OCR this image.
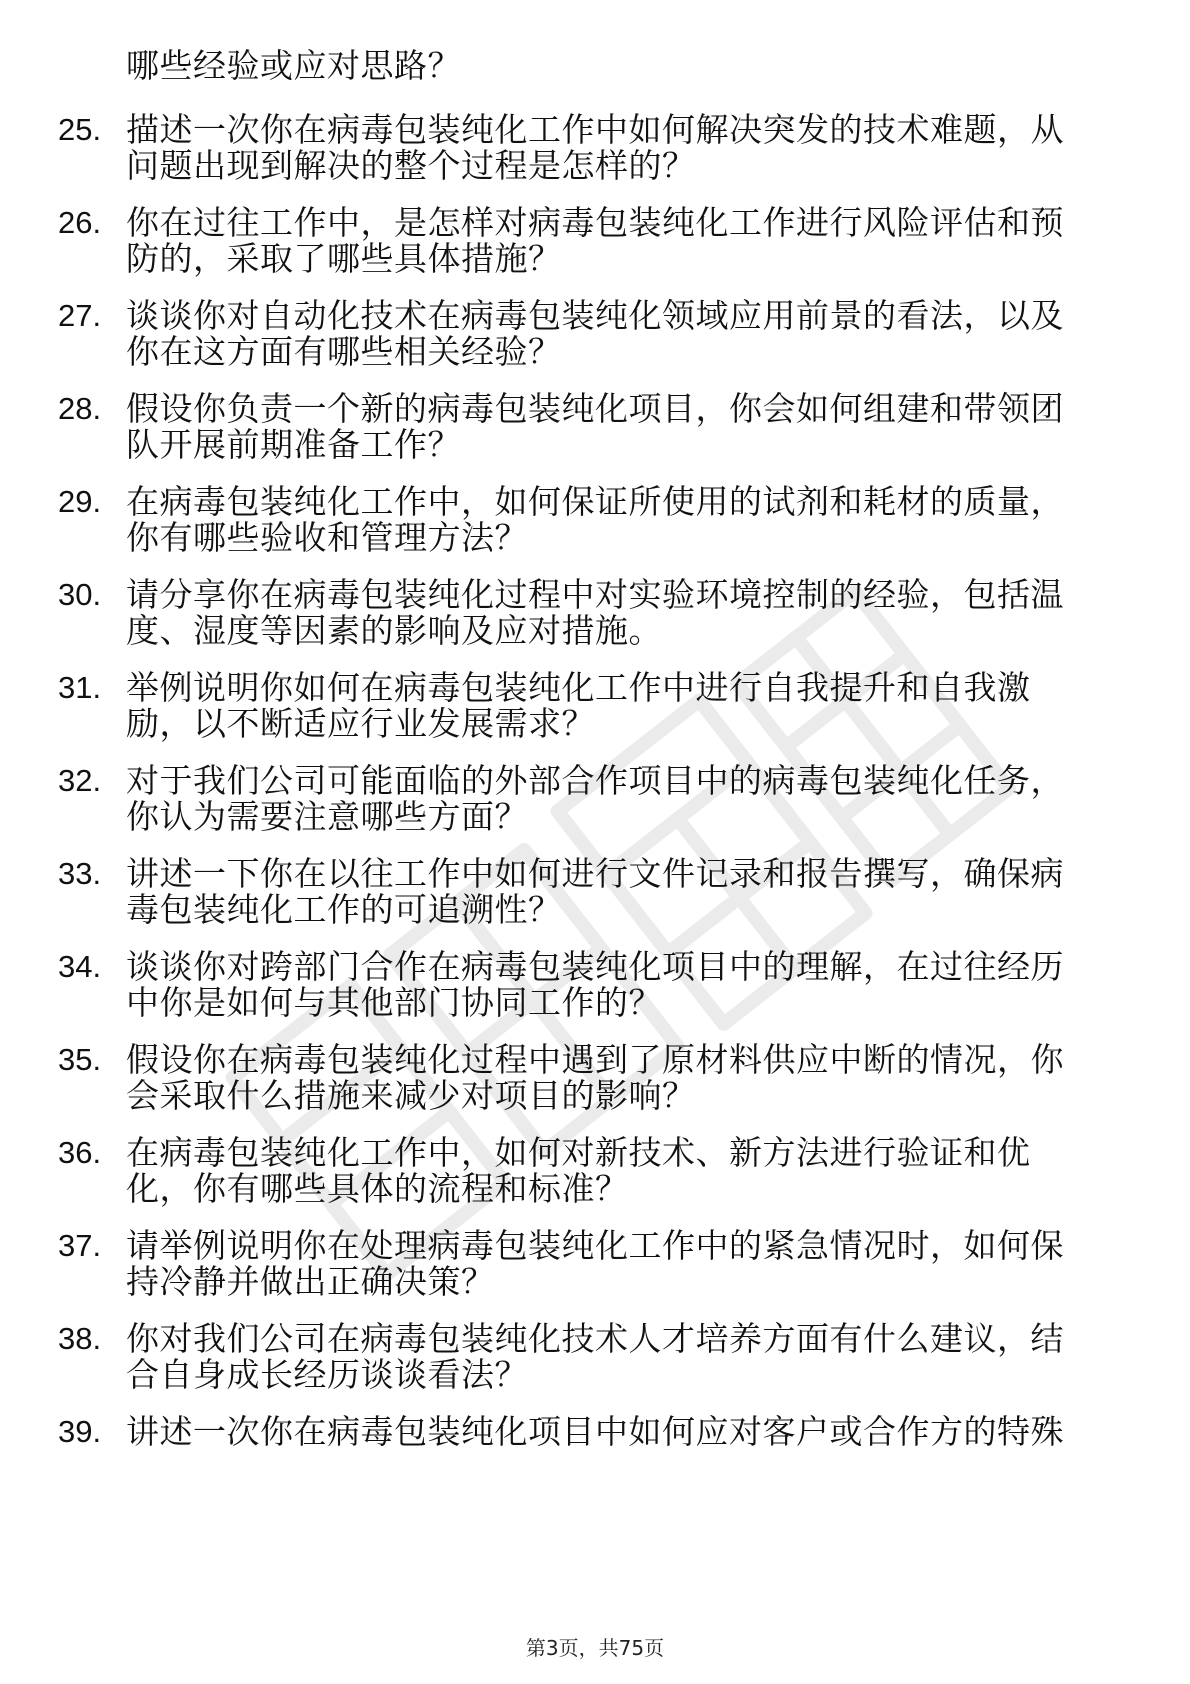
哪些经验或应对思路？
25. 描述一次你在病毒包装纯化工作中如何解决突发的技术难题，从
问题出现到解决的整个过程是怎样的？
26. 你在过往工作中，是怎样对病毒包装纯化工作进行风险评估和预
防的，采取了哪些具体措施？
27. 谈谈你对自动化技术在病毒包装纯化领域应用前景的看法，以及
你在这方面有哪些相关经验？
28. 假设你负责一个新的病毒包装纯化项目，你会如何组建和带领团
队开展前期准备工作？
29. 在病毒包装纯化工作中，如何保证所使用的试剂和耗材的质量，
你有哪些验收和管理方法？
30. 请分享你在病毒包装纯化过程中对实验环境控制的经验，包括温
度、湿度等因素的影响及应对措施。
31. 举例说明你如何在病毒包装纯化工作中进行自我提升和自我激
励，以不断适应行业发展需求？
32. 对于我们公司可能面临的外部合作项目中的病毒包装纯化任务，
你认为需要注意哪些方面？
33. 讲述一下你在以往工作中如何进行文件记录和报告撰写，确保病
毒包装纯化工作的可追溯性？
34. 谈谈你对跨部门合作在病毒包装纯化项目中的理解，在过往经历
中你是如何与其他部门协同工作的？
35. 假设你在病毒包装纯化过程中遇到了原材料供应中断的情况，你
会采取什么措施来减少对项目的影响？
36. 在病毒包装纯化工作中，如何对新技术、新方法进行验证和优
化，你有哪些具体的流程和标准？
37. 请举例说明你在处理病毒包装纯化工作中的紧急情况时，如何保
持冷静并做出正确决策？
38. 你对我们公司在病毒包装纯化技术人才培养方面有什么建议，结
合自身成长经历谈谈看法？
39. 讲述一次你在病毒包装纯化项目中如何应对客户或合作方的特殊
第3页，共75页
